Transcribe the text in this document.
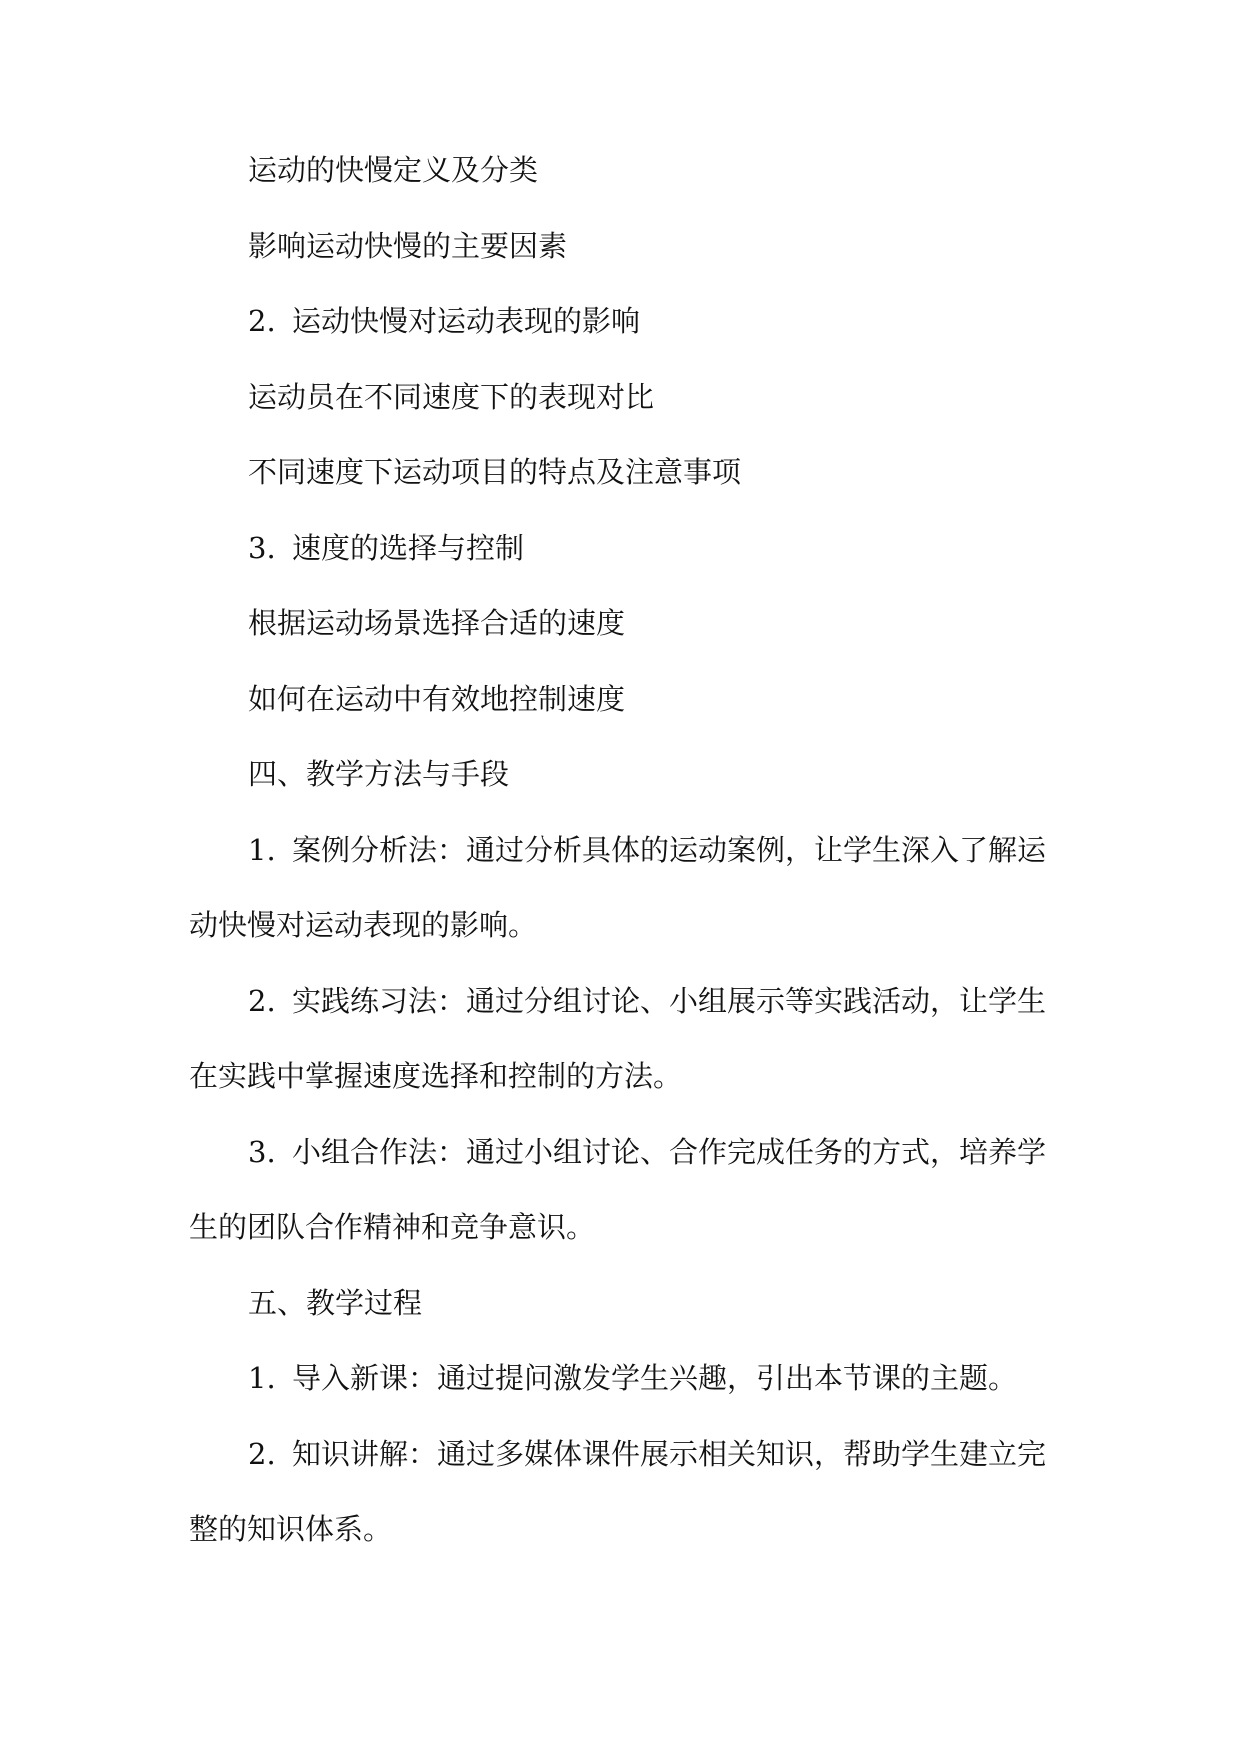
运动的快慢定义及分类
影响运动快慢的主要因素
2. 运动快慢对运动表现的影响
运动员在不同速度下的表现对比
不同速度下运动项目的特点及注意事项
3. 速度的选择与控制
根据运动场景选择合适的速度
如何在运动中有效地控制速度
四、教学方法与手段
1. 案例分析法：通过分析具体的运动案例，让学生深入了解运
动快慢对运动表现的影响。
2. 实践练习法：通过分组讨论、小组展示等实践活动，让学生
在实践中掌握速度选择和控制的方法。
3. 小组合作法：通过小组讨论、合作完成任务的方式，培养学
生的团队合作精神和竞争意识。
五、教学过程
1. 导入新课：通过提问激发学生兴趣，引出本节课的主题。
2. 知识讲解：通过多媒体课件展示相关知识，帮助学生建立完
整的知识体系。
